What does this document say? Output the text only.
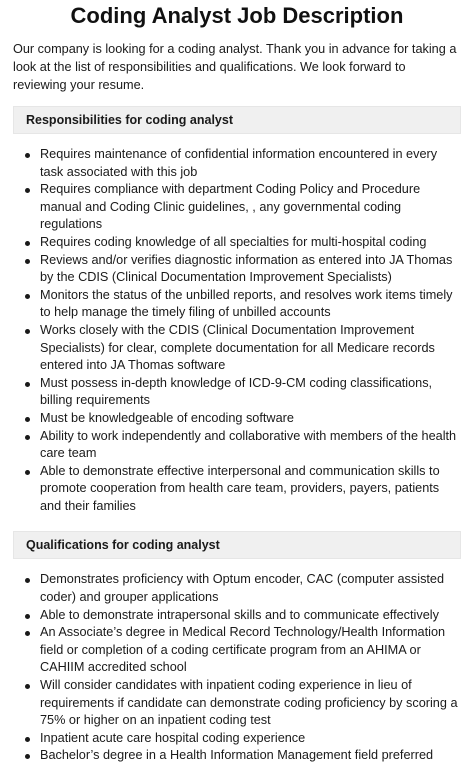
Coding Analyst Job Description

Our company is looking for a coding analyst. Thank you in advance for taking a look at the list of responsibilities and qualifications. We look forward to reviewing your resume.

Responsibilities for coding analyst
Requires maintenance of confidential information encountered in every task associated with this job
Requires compliance with department Coding Policy and Procedure manual and Coding Clinic guidelines, , any governmental coding regulations
Requires coding knowledge of all specialties for multi-hospital coding
Reviews and/or verifies diagnostic information as entered into JA Thomas by the CDIS (Clinical Documentation Improvement Specialists)
Monitors the status of the unbilled reports, and resolves work items timely to help manage the timely filing of unbilled accounts
Works closely with the CDIS (Clinical Documentation Improvement Specialists) for clear, complete documentation for all Medicare records entered into JA Thomas software
Must possess in-depth knowledge of ICD-9-CM coding classifications, billing requirements
Must be knowledgeable of encoding software
Ability to work independently and collaborative with members of the health care team
Able to demonstrate effective interpersonal and communication skills to promote cooperation from health care team, providers, payers, patients and their families
Qualifications for coding analyst
Demonstrates proficiency with Optum encoder, CAC (computer assisted coder) and grouper applications
Able to demonstrate intrapersonal skills and to communicate effectively
An Associate’s degree in Medical Record Technology/Health Information field or completion of a coding certificate program from an AHIMA or CAHIIM accredited school
Will consider candidates with inpatient coding experience in lieu of requirements if candidate can demonstrate coding proficiency by scoring a 75% or higher on an inpatient coding test
Inpatient acute care hospital coding experience
Bachelor’s degree in a Health Information Management field preferred
